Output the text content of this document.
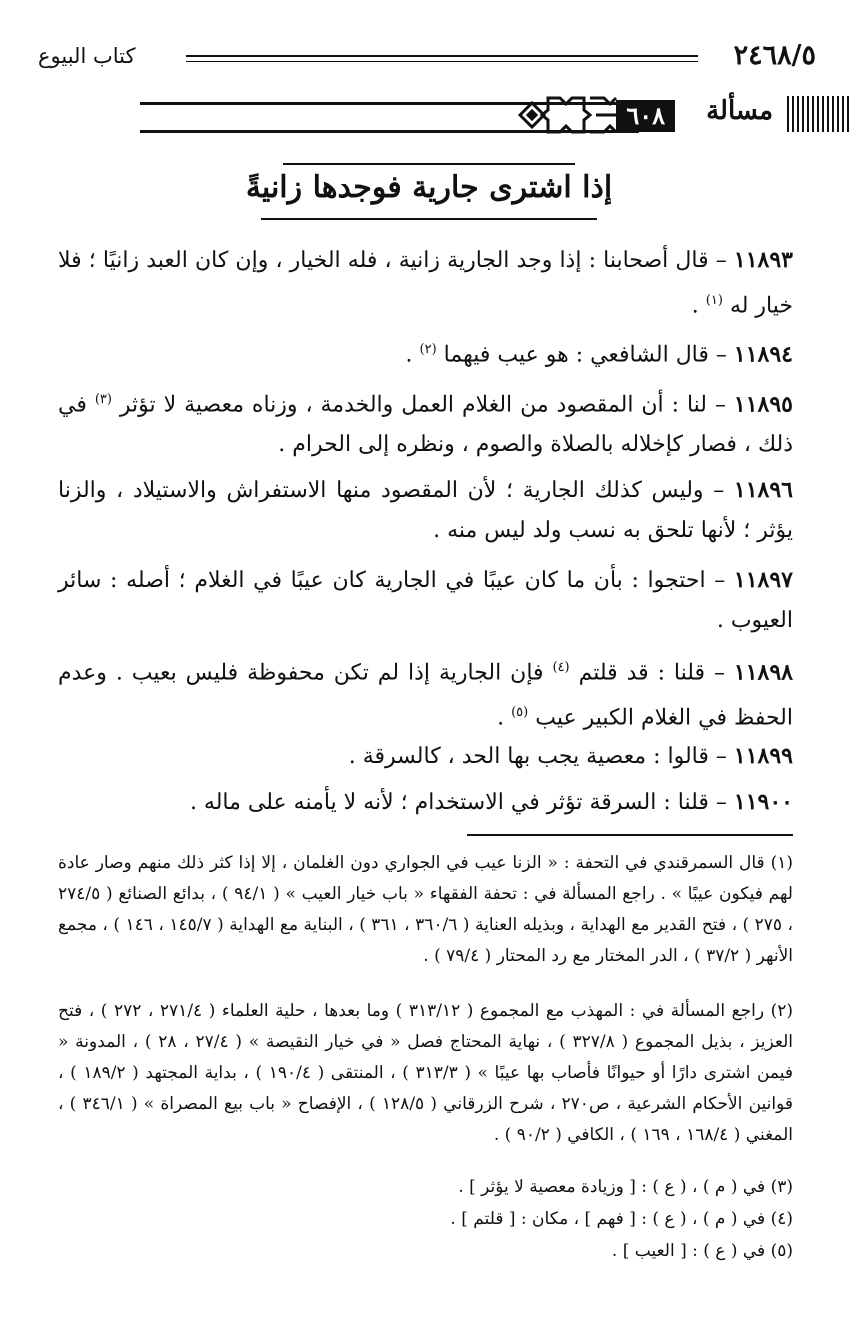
٢٤٦٨/٥
كتاب البيوع
مسألة
٦٠٨
إذا اشترى جارية فوجدها زانيةً

١١٨٩٣ – قال أصحابنا : إذا وجد الجارية زانية ، فله الخيار ، وإن كان العبد زانيًا ؛ فلا خيار له $^{(١)}$ .

١١٨٩٤ – قال الشافعي : هو عيب فيهما $^{(٢)}$ .

١١٨٩٥ – لنا : أن المقصود من الغلام العمل والخدمة ، وزناه معصية لا تؤثر $^{(٣)}$ في ذلك ، فصار كإخلاله بالصلاة والصوم ، ونظره إلى الحرام .

١١٨٩٦ – وليس كذلك الجارية ؛ لأن المقصود منها الاستفراش والاستيلاد ، والزنا يؤثر ؛ لأنها تلحق به نسب ولد ليس منه .

١١٨٩٧ – احتجوا : بأن ما كان عيبًا في الجارية كان عيبًا في الغلام ؛ أصله : سائر العيوب .

١١٨٩٨ – قلنا : قد قلتم $^{(٤)}$ فإن الجارية إذا لم تكن محفوظة فليس بعيب . وعدم الحفظ في الغلام الكبير عيب $^{(٥)}$ .

١١٨٩٩ – قالوا : معصية يجب بها الحد ، كالسرقة .

١١٩٠٠ – قلنا : السرقة تؤثر في الاستخدام ؛ لأنه لا يأمنه على ماله .

(١) قال السمرقندي في التحفة : « الزنا عيب في الجواري دون الغلمان ، إلا إذا كثر ذلك منهم وصار عادة لهم فيكون عيبًا » . راجع المسألة في : تحفة الفقهاء « باب خيار العيب » ( ٩٤/١ ) ، بدائع الصنائع ( ٢٧٤/٥ ، ٢٧٥ ) ، فتح القدير مع الهداية ، وبذيله العناية ( ٣٦٠/٦ ، ٣٦١ ) ، البناية مع الهداية ( ١٤٥/٧ ، ١٤٦ ) ، مجمع الأنهر ( ٣٧/٢ ) ، الدر المختار مع رد المحتار ( ٧٩/٤ ) .

(٢) راجع المسألة في : المهذب مع المجموع ( ٣١٣/١٢ ) وما بعدها ، حلية العلماء ( ٢٧١/٤ ، ٢٧٢ ) ، فتح العزيز ، بذيل المجموع ( ٣٢٧/٨ ) ، نهاية المحتاج فصل « في خيار النقيصة » ( ٢٧/٤ ، ٢٨ ) ، المدونة « فيمن اشترى دارًا أو حيوانًا فأصاب بها عيبًا » ( ٣١٣/٣ ) ، المنتقى ( ١٩٠/٤ ) ، بداية المجتهد ( ١٨٩/٢ ) ، قوانين الأحكام الشرعية ، ص٢٧٠ ، شرح الزرقاني ( ١٢٨/٥ ) ، الإفصاح « باب بيع المصراة » ( ٣٤٦/١ ) ، المغني ( ١٦٨/٤ ، ١٦٩ ) ، الكافي ( ٩٠/٢ ) .

(٣) في ( م ) ، ( ع ) : [ وزيادة معصية لا يؤثر ] .

(٤) في ( م ) ، ( ع ) : [ فهم ] ، مكان : [ قلتم ] .

(٥) في ( ع ) : [ العيب ] .
